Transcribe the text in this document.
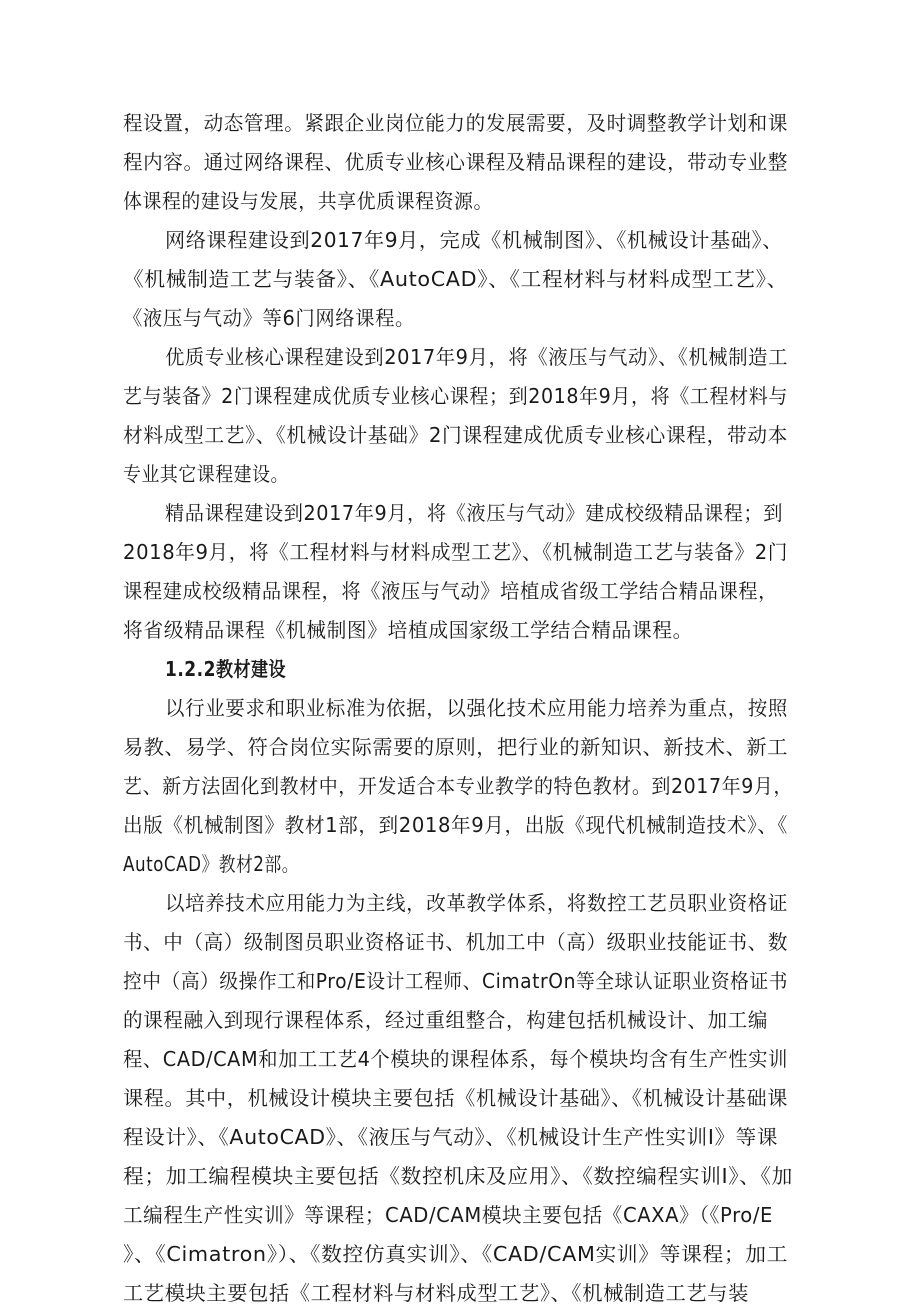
程设置，动态管理。紧跟企业岗位能力的发展需要，及时调整教学计划和课
程内容。通过网络课程、优质专业核心课程及精品课程的建设，带动专业整
体课程的建设与发展，共享优质课程资源。
网络课程建设到2017年9月，完成《机械制图》、《机械设计基础》、
《机械制造工艺与装备》、《AutoCAD》、《工程材料与材料成型工艺》、
《液压与气动》等6门网络课程。
优质专业核心课程建设到2017年9月，将《液压与气动》、《机械制造工
艺与装备》2门课程建成优质专业核心课程；到2018年9月，将《工程材料与
材料成型工艺》、《机械设计基础》2门课程建成优质专业核心课程，带动本
专业其它课程建设。
精品课程建设到2017年9月，将《液压与气动》建成校级精品课程；到
2018年9月，将《工程材料与材料成型工艺》、《机械制造工艺与装备》2门
课程建成校级精品课程，将《液压与气动》培植成省级工学结合精品课程，
将省级精品课程《机械制图》培植成国家级工学结合精品课程。
1.2.2教材建设
以行业要求和职业标准为依据，以强化技术应用能力培养为重点，按照
易教、易学、符合岗位实际需要的原则，把行业的新知识、新技术、新工
艺、新方法固化到教材中，开发适合本专业教学的特色教材。到2017年9月，
出版《机械制图》教材1部，到2018年9月，出版《现代机械制造技术》、《
AutoCAD》教材2部。
以培养技术应用能力为主线，改革教学体系，将数控工艺员职业资格证
书、中（高）级制图员职业资格证书、机加工中（高）级职业技能证书、数
控中（高）级操作工和Pro/E设计工程师、CimatrOn等全球认证职业资格证书
的课程融入到现行课程体系，经过重组整合，构建包括机械设计、加工编
程、CAD/CAM和加工工艺4个模块的课程体系，每个模块均含有生产性实训
课程。其中，机械设计模块主要包括《机械设计基础》、《机械设计基础课
程设计》、《AutoCAD》、《液压与气动》、《机械设计生产性实训I》等课
程；加工编程模块主要包括《数控机床及应用》、《数控编程实训I》、《加
工编程生产性实训》等课程；CAD/CAM模块主要包括《CAXA》（《Pro/E
》、《Cimatron》）、《数控仿真实训》、《CAD/CAM实训》等课程；加工
工艺模块主要包括《工程材料与材料成型工艺》、《机械制造工艺与装
